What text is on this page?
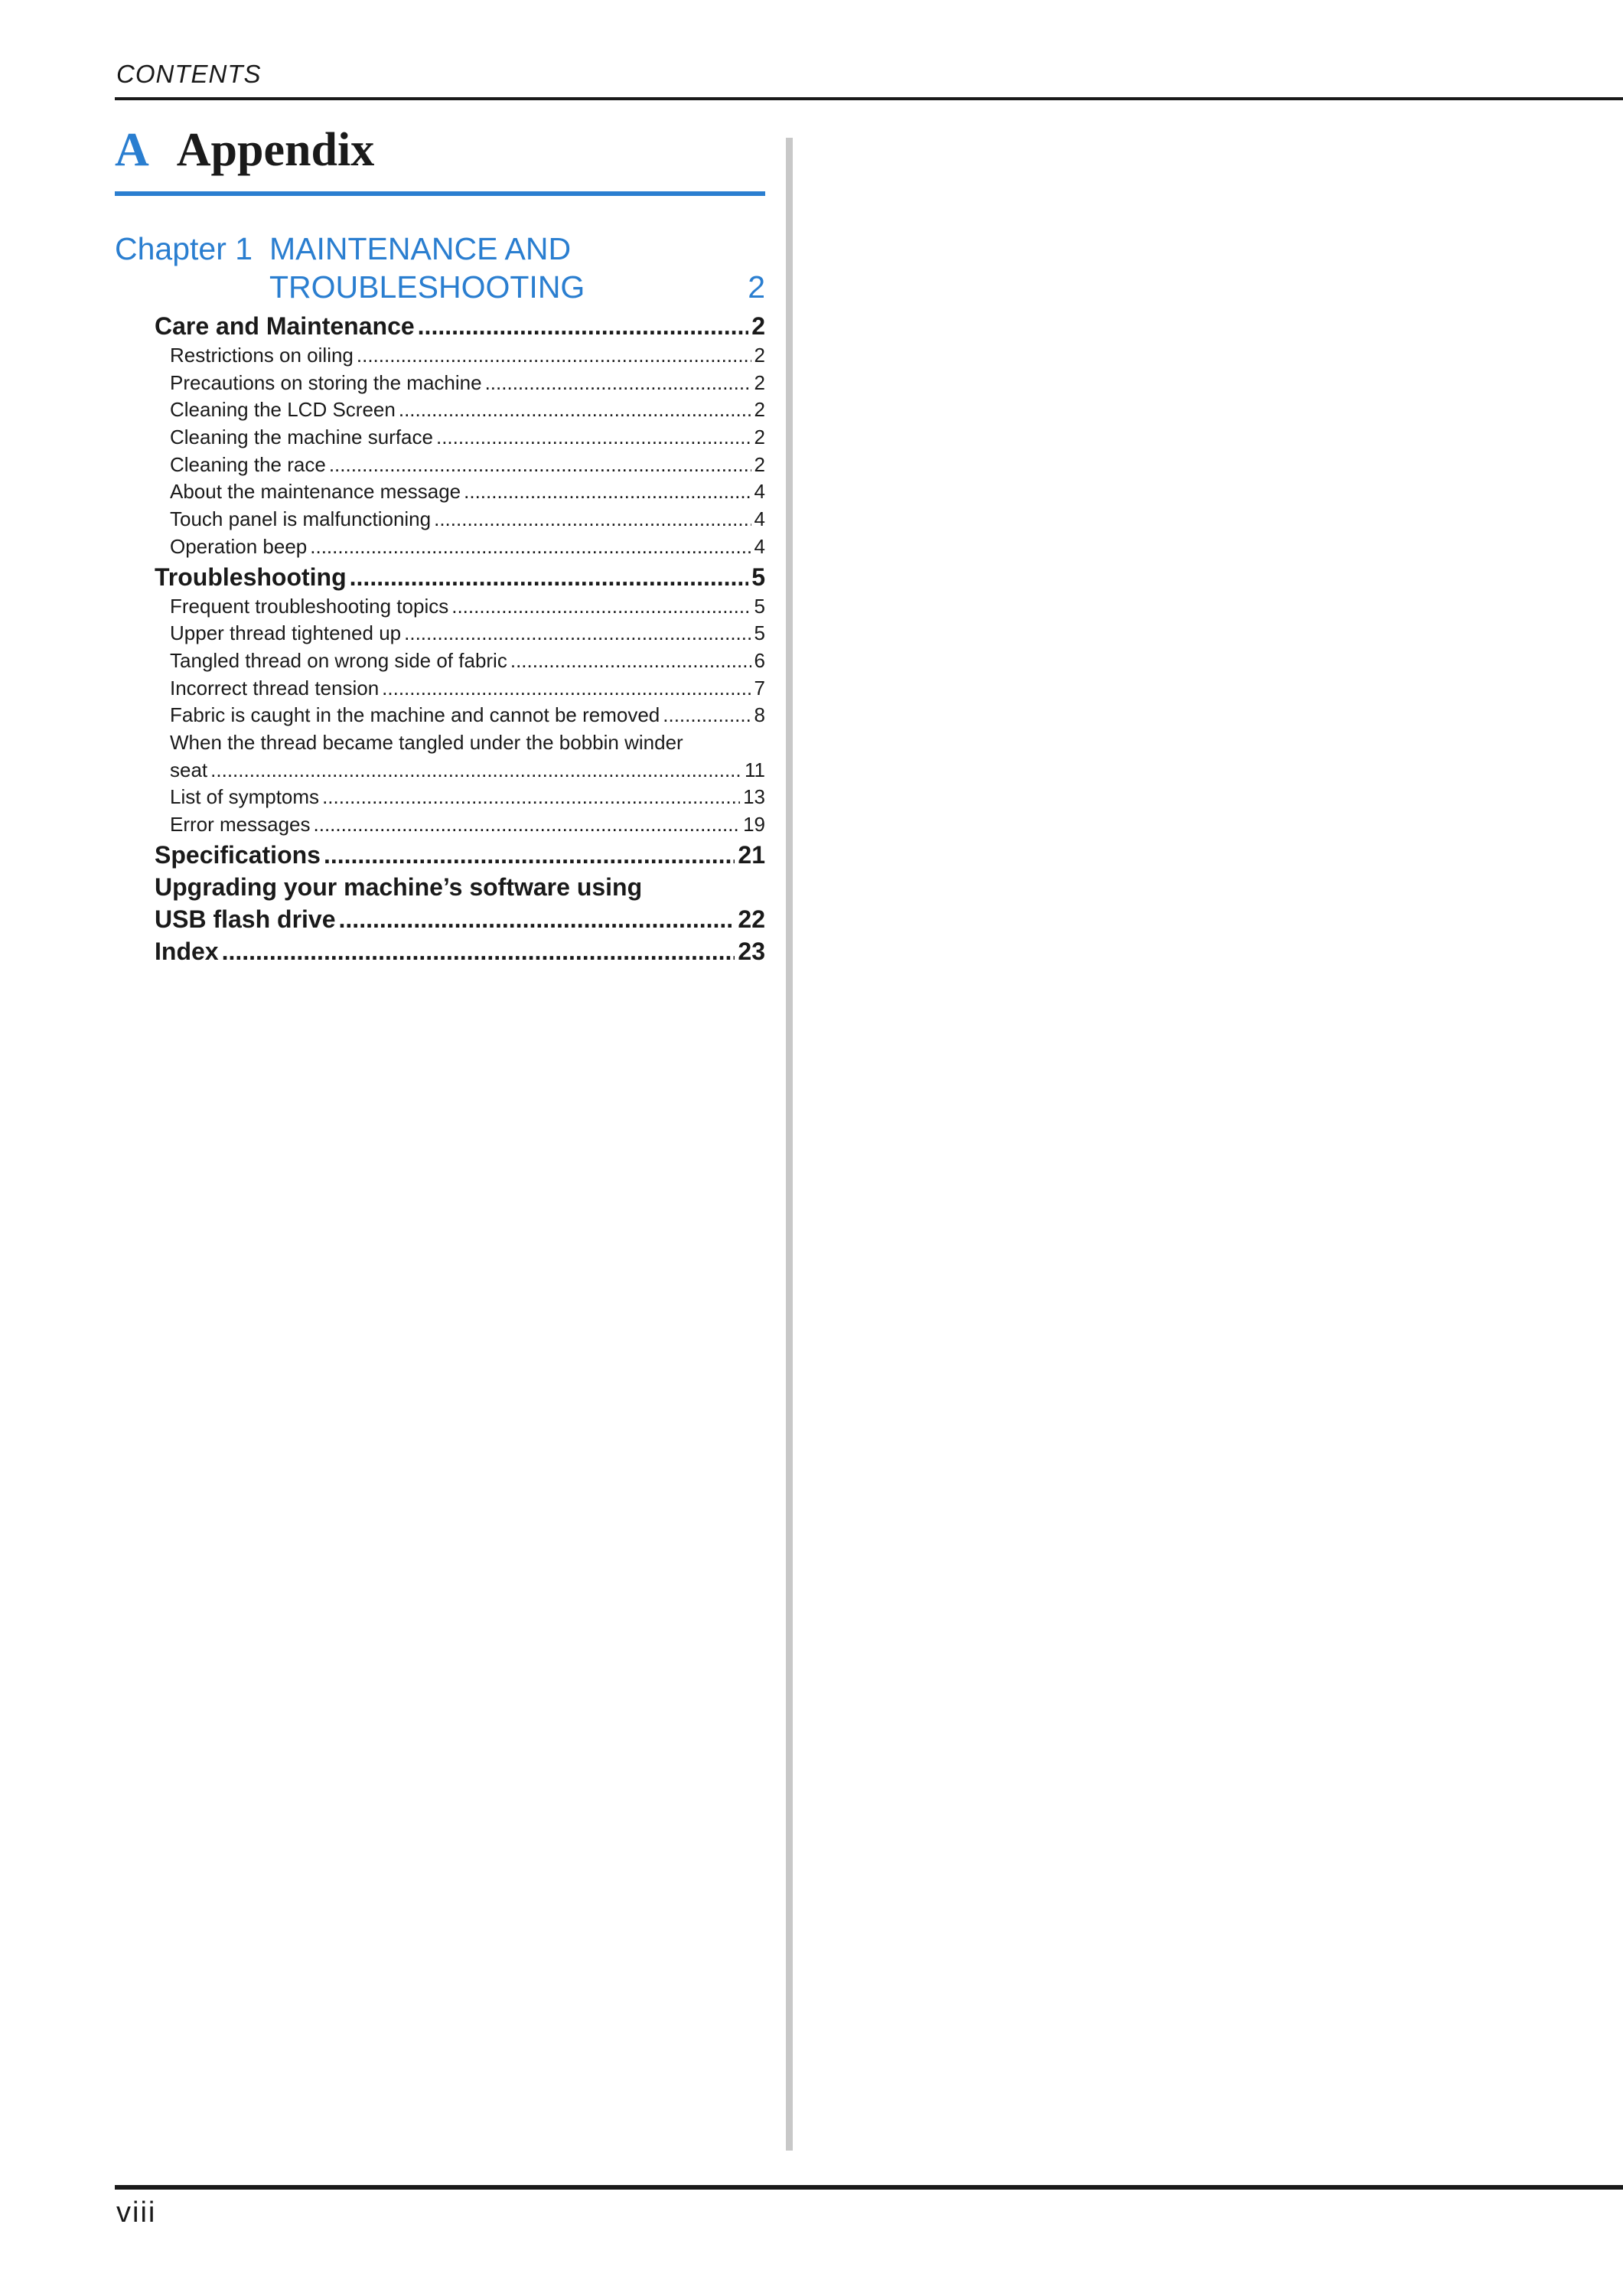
CONTENTS
A Appendix
Chapter 1 MAINTENANCE AND
TROUBLESHOOTING	2
Care and Maintenance .....	2
Restrictions on oiling .....	2
Precautions on storing the machine .....	2
Cleaning the LCD Screen .....	2
Cleaning the machine surface .....	2
Cleaning the race .....	2
About the maintenance message .....	4
Touch panel is malfunctioning .....	4
Operation beep .....	4
Troubleshooting .....	5
Frequent troubleshooting topics .....	5
Upper thread tightened up .....	5
Tangled thread on wrong side of fabric .....	6
Incorrect thread tension .....	7
Fabric is caught in the machine and cannot be removed .....	8
When the thread became tangled under the bobbin winder
seat .....	11
List of symptoms .....	13
Error messages .....	19
Specifications .....	21
Upgrading your machine’s software using
USB flash drive .....	22
Index .....	23
viii
